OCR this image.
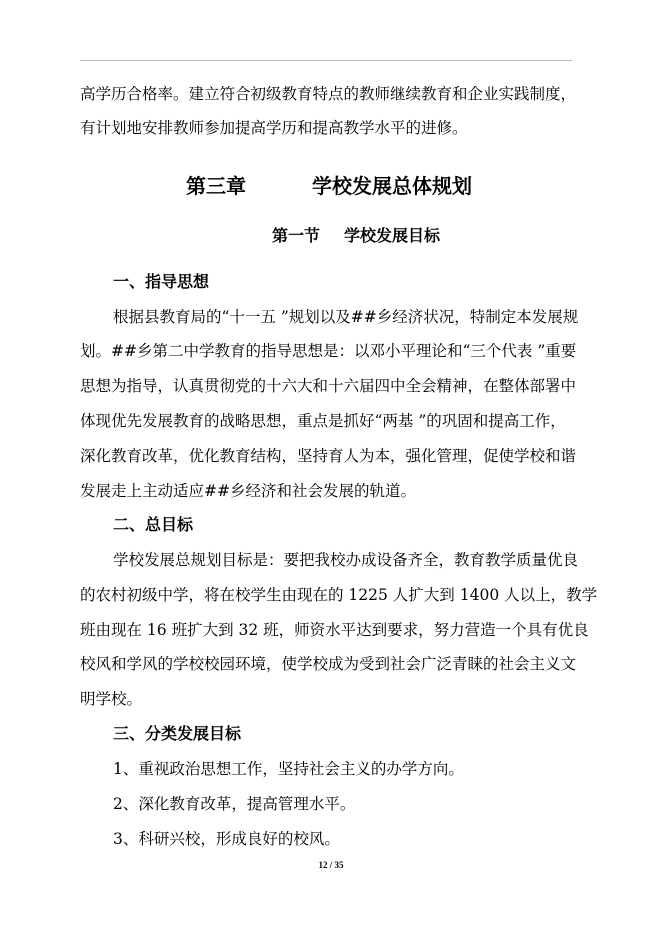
高学历合格率。建立符合初级教育特点的教师继续教育和企业实践制度，
有计划地安排教师参加提高学历和提高教学水平的进修。
第三章	学校发展总体规划
第一节 学校发展目标
一、指导思想
根据县教育局的“十一五 ”规划以及##乡经济状况，特制定本发展规
划。##乡第二中学教育的指导思想是：以邓小平理论和“三个代表 ”重要
思想为指导，认真贯彻党的十六大和十六届四中全会精神，在整体部署中
体现优先发展教育的战略思想，重点是抓好“两基 ”的巩固和提高工作，
深化教育改革，优化教育结构，坚持育人为本，强化管理，促使学校和谐
发展走上主动适应##乡经济和社会发展的轨道。
二、总目标
学校发展总规划目标是：要把我校办成设备齐全，教育教学质量优良
的农村初级中学，将在校学生由现在的 1225 人扩大到 1400 人以上，教学
班由现在 16 班扩大到 32 班，师资水平达到要求，努力营造一个具有优良
校风和学风的学校校园环境，使学校成为受到社会广泛青睐的社会主义文
明学校。
三、分类发展目标
1、重视政治思想工作，坚持社会主义的办学方向。
2、深化教育改革，提高管理水平。
3、科研兴校，形成良好的校风。
12 / 35
